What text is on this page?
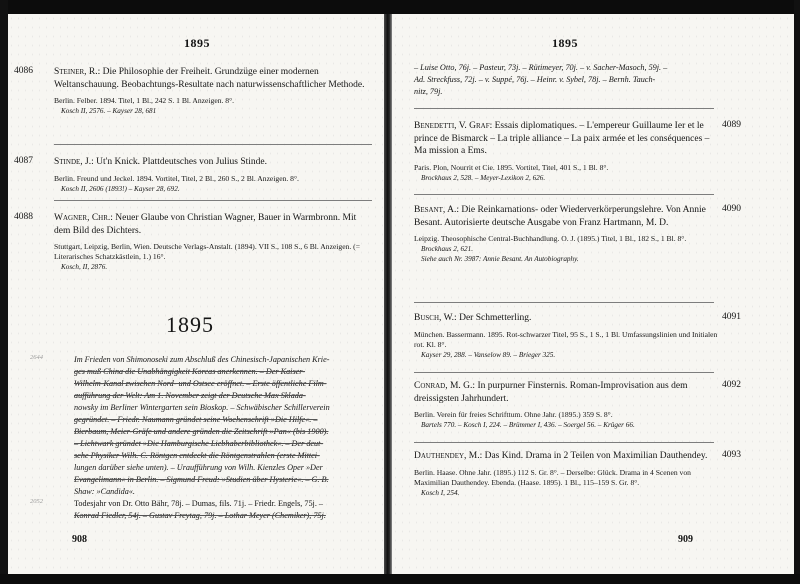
1895
4086 Steiner, R.: Die Philosophie der Freiheit. Grundzüge einer modernen Weltanschauung. Beobachtungs-Resultate nach naturwissenschaftlicher Methode.

Berlin. Felber. 1894. Titel, 1 Bl., 242 S. 1 Bl. Anzeigen. 8°.

Kosch II, 2576. – Kayser 28, 681

4087 Stinde, J.: Ut'n Knick. Plattdeutsches von Julius Stinde.

Berlin. Freund und Jeckel. 1894. Vortitel, Titel, 2 Bl., 260 S., 2 Bl. Anzeigen. 8°.

Kosch II, 2606 (1893!) – Kayser 28, 692.

4088 Wagner, Chr.: Neuer Glaube von Christian Wagner, Bauer in Warmbronn. Mit dem Bild des Dichters.

Stuttgart, Leipzig, Berlin, Wien. Deutsche Verlags-Anstalt. (1894). VII S., 108 S., 6 Bl. Anzeigen. (= Literarisches Schatzkästlein, 1.) 16°.

Kosch, II, 2876.

1895
2644	Im Frieden von Shimonoseki zum Abschluß des Chinesisch-Japanischen Krie-

ges muß China die Unabhängigkeit Koreas anerkennen. – Der Kaiser-

Wilhelm-Kanal zwischen Nord- und Ostsee eröffnet. – Erste öffentliche Film-

aufführung der Welt: Am 1. November zeigt der Deutsche Max Sklada-

nowsky im Berliner Wintergarten sein Bioskop. – Schwäbischer Schillerverein

gegründet. – Friedr. Naumann gründet seine Wochenschrift »Die Hilfe«. –

Bierbaum, Meier-Gräfe und andere gründen die Zeitschrift »Pan« (bis 1900).

– Lichtwark gründet »Die Hamburgische Liebhaberbibliothek«. – Der deut-

sche Physiker Wilh. C. Röntgen entdeckt die Röntgenstrahlen (erste Mittei-

lungen darüber siehe unten). – Uraufführung von Wilh. Kienzles Oper »Der

Evangelimann« in Berlin. – Sigmund Freud: »Studien über Hysterie«. – G. B.

Shaw: »Candida«.

2052	Todesjahr von Dr. Otto Bähr, 78j. – Dumas, fils. 71j. – Friedr. Engels, 75j. –

Konrad Fiedler, 54j. – Gustav Freytag, 79j. – Lothar Meyer (Chemiker), 75j.

908
1895

– Luise Otto, 76j. – Pasteur, 73j. – Rütimeyer, 70j. – v. Sacher-Masoch, 59j. –

Ad. Streckfuss, 72j. – v. Suppé, 76j. – Heinr. v. Sybel, 78j. – Bernh. Tauch-

nitz, 79j.

4089

Benedetti, V. Graf: Essais diplomatiques. – L'empereur Guillaume Ier et le prince de Bismarck – La triple alliance – La paix armée et les conséquences – Ma mission a Ems.

Paris. Plon, Nourrit et Cie. 1895. Vortitel, Titel, 401 S., 1 Bl. 8°.

Brockhaus 2, 528. – Meyer-Lexikon 2, 626.

4090

Besant, A.: Die Reinkarnations- oder Wiederverkörperungslehre. Von Annie Besant. Autorisierte deutsche Ausgabe von Franz Hartmann, M. D.

Leipzig. Theosophische Central-Buchhandlung. O. J. (1895.) Titel, 1 Bl., 182 S., 1 Bl. 8°.

Brockhaus 2, 621.

Siehe auch Nr. 3987: Annie Besant. An Autobiography.

4091

Busch, W.: Der Schmetterling.

München. Bassermann. 1895. Rot-schwarzer Titel, 95 S., 1 S., 1 Bl. Umfassungslinien und Initialen rot. Kl. 8°.

Kayser 29, 288. – Vanselow 89. – Brieger 325.

4092

Conrad, M. G.: In purpurner Finsternis. Roman-Improvisation aus dem dreissigsten Jahrhundert.

Berlin. Verein für freies Schrifttum. Ohne Jahr. (1895.) 359 S. 8°.

Bartels 770. – Kosch I, 224. – Brümmer I, 436. – Soergel 56. – Krüger 66.

4093

Dauthendey, M.: Das Kind. Drama in 2 Teilen von Maximilian Dauthendey.

Berlin. Haase. Ohne Jahr. (1895.) 112 S. Gr. 8°. – Derselbe: Glück. Drama in 4 Scenen von Maximilian Dauthendey. Ebenda. (Haase. 1895). 1 Bl., 115–159 S. Gr. 8°.

Kosch I, 254.

909
